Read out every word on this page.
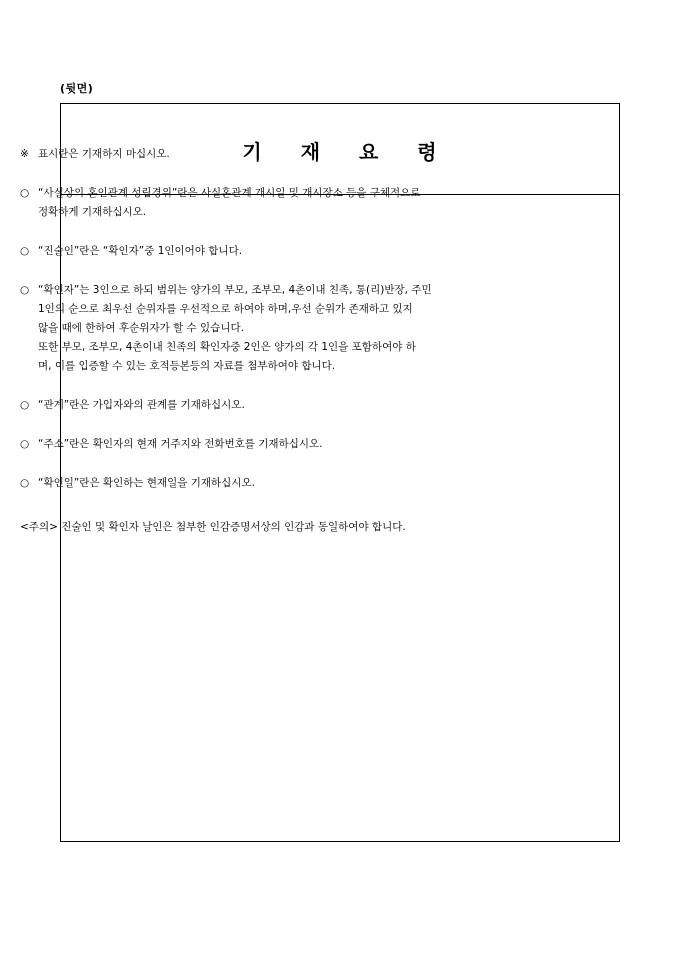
(뒷면)
기 재 요 령
※ 표시란은 기재하지 마십시오.
○ “사실상의 혼인관계 성립경위”란은 사실혼관계 개시일 및 개시장소 등을 구체적으로
정확하게 기재하십시오.
○ “진술인”란은 “확인자”중 1인이어야 합니다.
○ “확인자”는 3인으로 하되 범위는 양가의 부모, 조부모, 4촌이내 친족, 통(리)반장, 주민
1인의 순으로 최우선 순위자를 우선적으로 하여야 하며,우선 순위가 존재하고 있지
않을 때에 한하여 후순위자가 할 수 있습니다.
또한 부모, 조부모, 4촌이내 친족의 확인자중 2인은 양가의 각 1인을 포함하여야 하
며, 이를 입증할 수 있는 호적등본등의 자료를 첨부하여야 합니다.
○ “관계”란은 가입자와의 관계를 기재하십시오.
○ “주소”란은 확인자의 현재 거주지와 전화번호를 기재하십시오.
○ “확인일”란은 확인하는 현재일을 기재하십시오.
<주의> 진술인 및 확인자 날인은 첨부한 인감증명서상의 인감과 동일하여야 합니다.
